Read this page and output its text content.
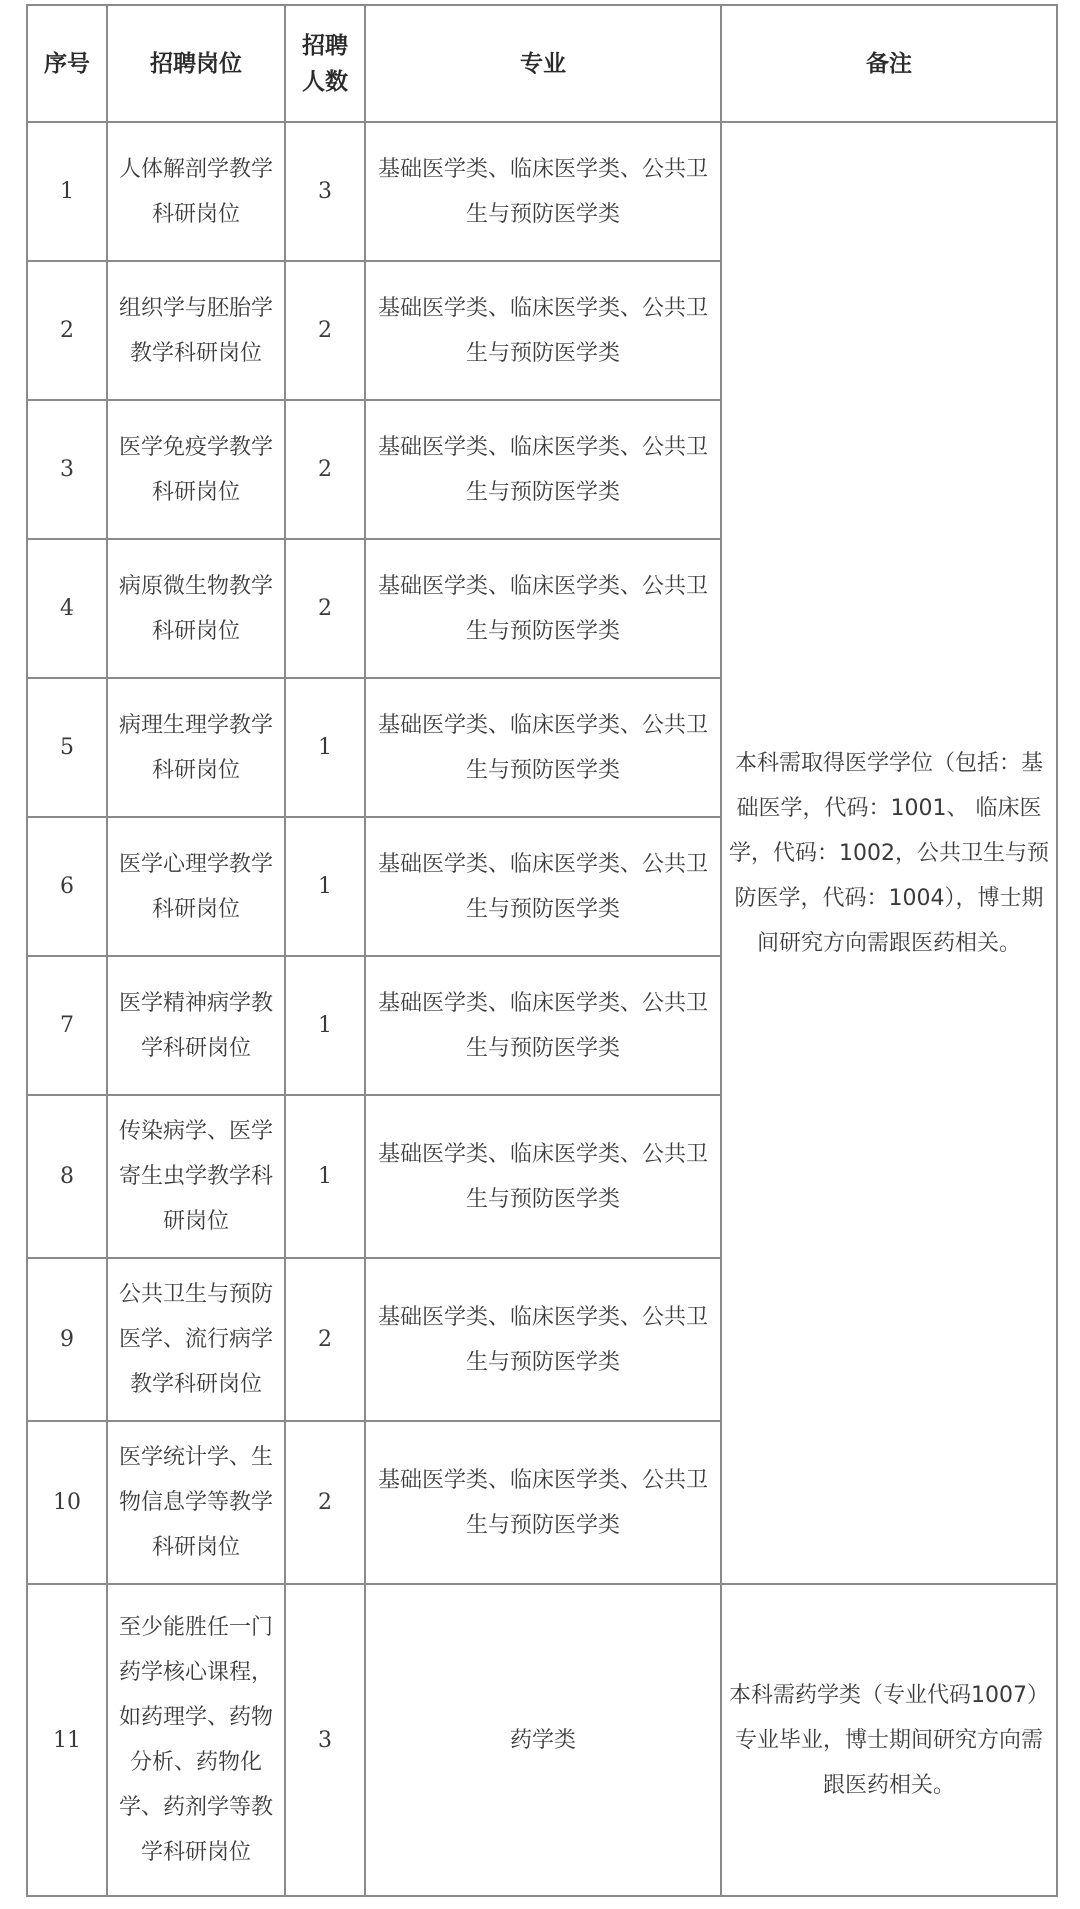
序号	招聘岗位	招聘人数	专业	备注
1	人体解剖学教学科研岗位	3	基础医学类、临床医学类、公共卫生与预防医学类	本科需取得医学学位（包括：基础医学，代码：1001、 临床医学，代码：1002，公共卫生与预防医学，代码：1004），博士期间研究方向需跟医药相关。
2	组织学与胚胎学教学科研岗位	2	基础医学类、临床医学类、公共卫生与预防医学类	
3	医学免疫学教学科研岗位	2	基础医学类、临床医学类、公共卫生与预防医学类	
4	病原微生物教学科研岗位	2	基础医学类、临床医学类、公共卫生与预防医学类	
5	病理生理学教学科研岗位	1	基础医学类、临床医学类、公共卫生与预防医学类	
6	医学心理学教学科研岗位	1	基础医学类、临床医学类、公共卫生与预防医学类	
7	医学精神病学教学科研岗位	1	基础医学类、临床医学类、公共卫生与预防医学类	
8	传染病学、医学寄生虫学教学科研岗位	1	基础医学类、临床医学类、公共卫生与预防医学类	
9	公共卫生与预防医学、流行病学教学科研岗位	2	基础医学类、临床医学类、公共卫生与预防医学类	
10	医学统计学、生物信息学等教学科研岗位	2	基础医学类、临床医学类、公共卫生与预防医学类	
11	至少能胜任一门药学核心课程，如药理学、药物分析、药物化学、药剂学等教学科研岗位	3	药学类	本科需药学类（专业代码1007）专业毕业，博士期间研究方向需跟医药相关。
